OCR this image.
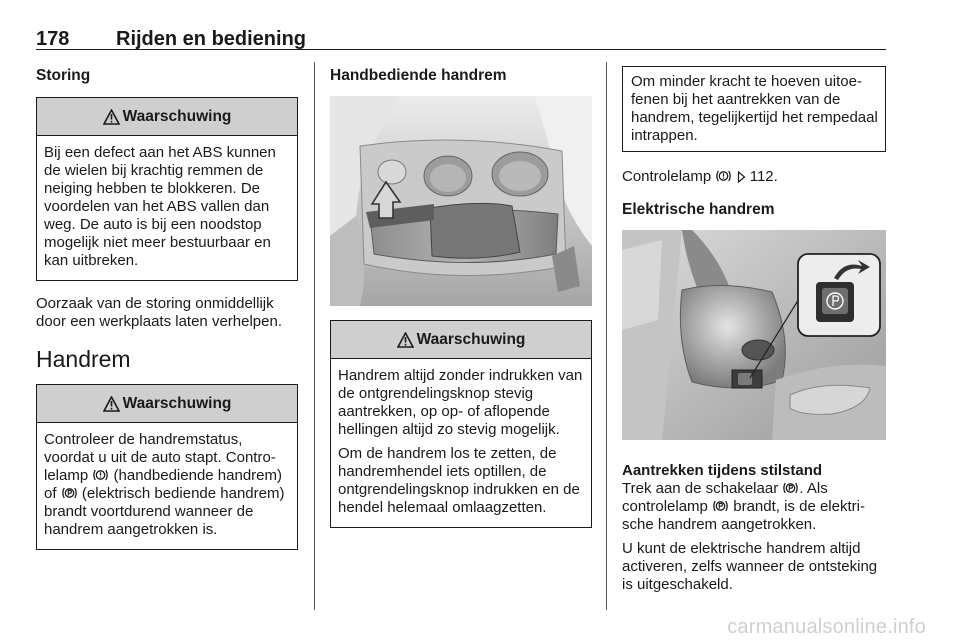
178 Rijden en bediening
Storing
Waarschuwing
Bij een defect aan het ABS kunnen de wielen bij krachtig remmen de neiging hebben te blokkeren. De voordelen van het ABS vallen dan weg. De auto is bij een noodstop mogelijk niet meer bestuurbaar en kan uitbreken.
Oorzaak van de storing onmiddellijk door een werkplaats laten verhelpen.
Handrem
Waarschuwing
Controleer de handremstatus, voordat u uit de auto stapt. Controlelamp (handbediende handrem) of (elektrisch bediende handrem) brandt voortdurend wanneer de handrem aangetrokken is.
Handbediende handrem
Waarschuwing
Handrem altijd zonder indrukken van de ontgrendelingsknop stevig aantrekken, op op- of aflopende hellingen altijd zo stevig mogelijk.
Om de handrem los te zetten, de handremhendel iets optillen, de ontgrendelingsknop indrukken en de hendel helemaal omlaagzetten.
Om minder kracht te hoeven uitoefenen bij het aantrekken van de handrem, tegelijkertijd het rempedaal intrappen.
Controlelamp	112.
Elektrische handrem
Aantrekken tijdens stilstand
Trek aan de schakelaar . Als controlelamp brandt, is de elektrische handrem aangetrokken.
U kunt de elektrische handrem altijd activeren, zelfs wanneer de ontsteking is uitgeschakeld.
carmanualsonline.info
